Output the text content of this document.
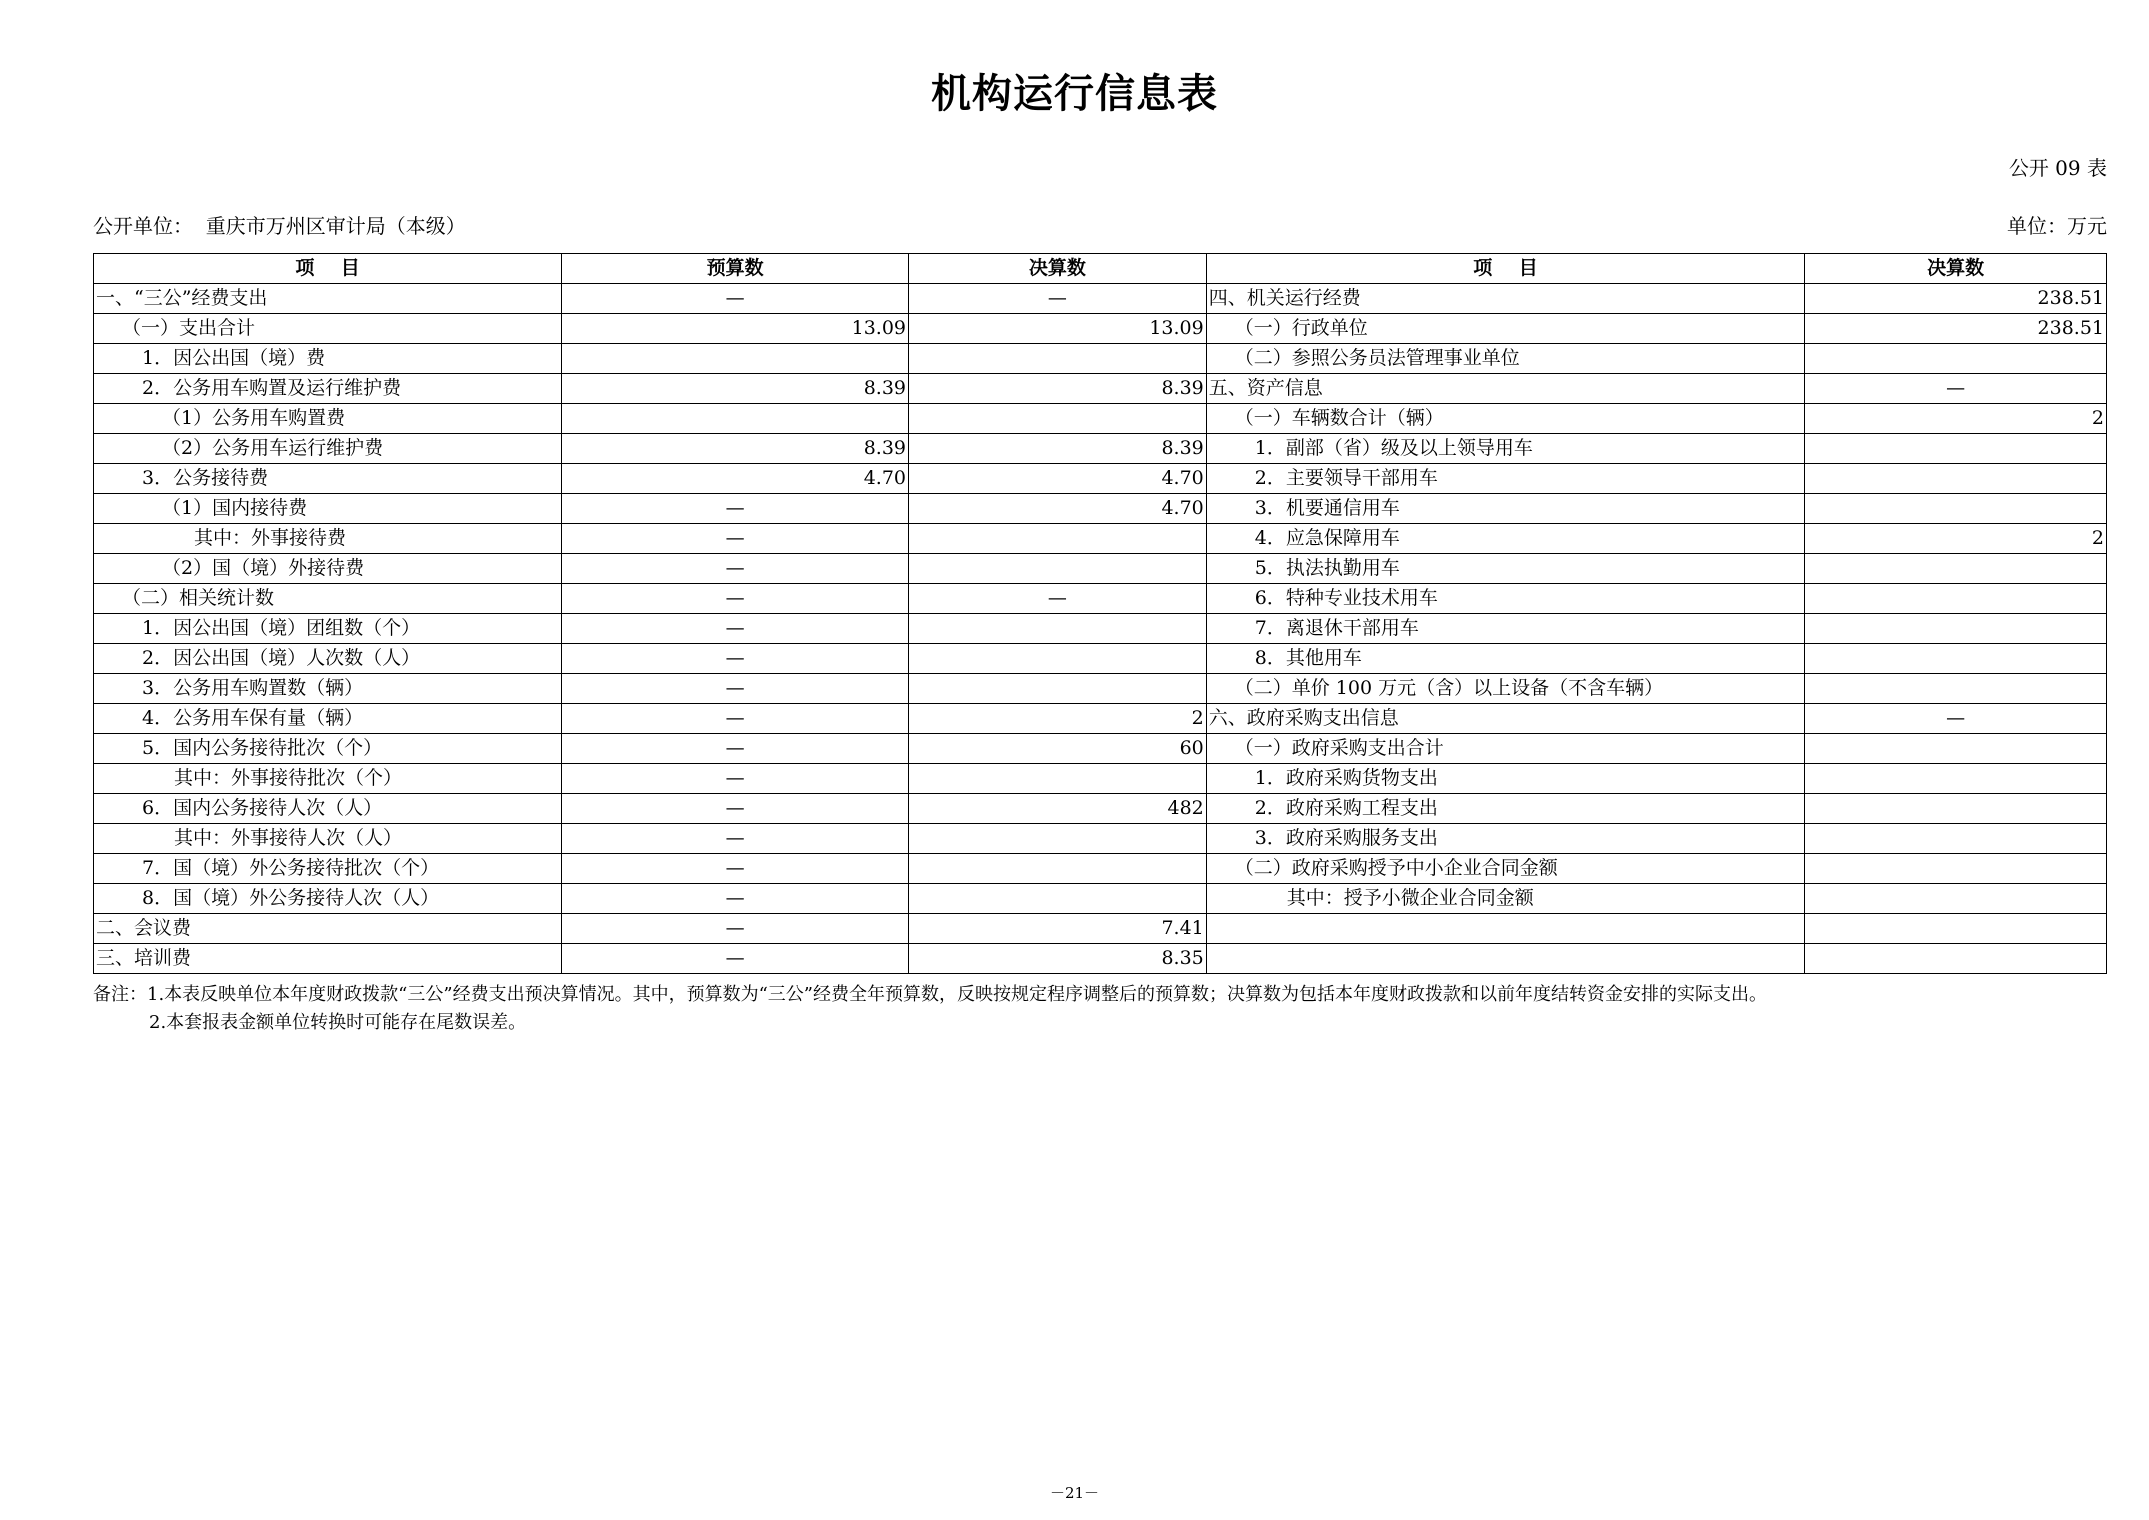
机构运行信息表
公开 09 表
公开单位：  重庆市万州区审计局（本级）	单位：万元
项    目	预算数	决算数	项    目	决算数
一、“三公”经费支出	—	—	四、机关运行经费	238.51
（一）支出合计	13.09	13.09	（一）行政单位	238.51
1．因公出国（境）费			（二）参照公务员法管理事业单位	
2．公务用车购置及运行维护费	8.39	8.39	五、资产信息	—
（1）公务用车购置费			（一）车辆数合计（辆）	2
（2）公务用车运行维护费	8.39	8.39	1．副部（省）级及以上领导用车	
3．公务接待费	4.70	4.70	2．主要领导干部用车	
（1）国内接待费	—	4.70	3．机要通信用车	
其中：外事接待费	—		4．应急保障用车	2
（2）国（境）外接待费	—		5．执法执勤用车	
（二）相关统计数	—	—	6．特种专业技术用车	
1．因公出国（境）团组数（个）	—		7．离退休干部用车	
2．因公出国（境）人次数（人）	—		8．其他用车	
3．公务用车购置数（辆）	—		（二）单价 100 万元（含）以上设备（不含车辆）	
4．公务用车保有量（辆）	—	2	六、政府采购支出信息	—
5．国内公务接待批次（个）	—	60	（一）政府采购支出合计	
其中：外事接待批次（个）	—		1．政府采购货物支出	
6．国内公务接待人次（人）	—	482	2．政府采购工程支出	
其中：外事接待人次（人）	—		3．政府采购服务支出	
7．国（境）外公务接待批次（个）	—		（二）政府采购授予中小企业合同金额	
8．国（境）外公务接待人次（人）	—		其中：授予小微企业合同金额	
二、会议费	—	7.41		
三、培训费	—	8.35		
备注：1.本表反映单位本年度财政拨款“三公”经费支出预决算情况。其中，预算数为“三公”经费全年预算数，反映按规定程序调整后的预算数；决算数为包括本年度财政拨款和以前年度结转资金安排的实际支出。
2.本套报表金额单位转换时可能存在尾数误差。
－21－
